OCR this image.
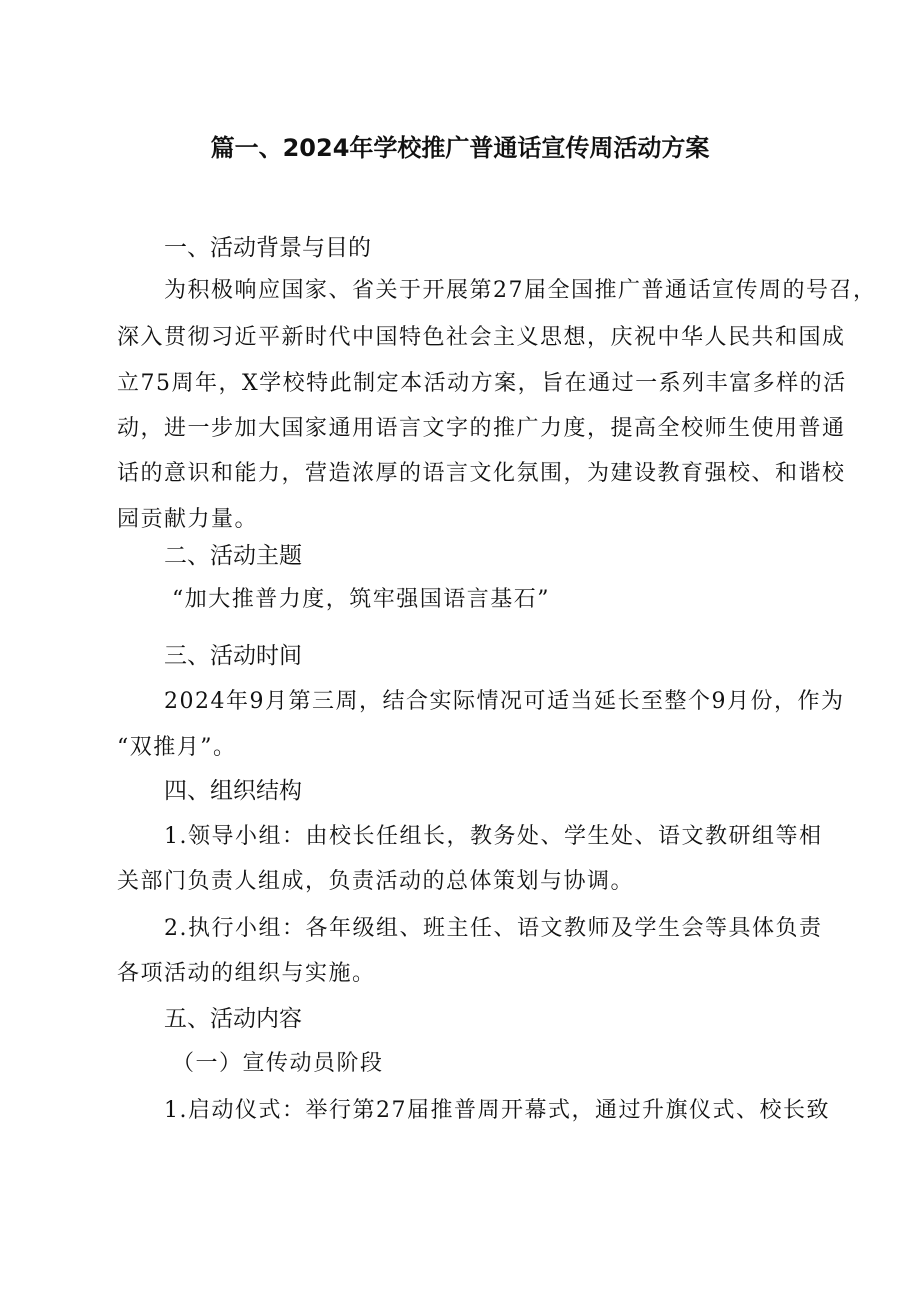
篇一、2024年学校推广普通话宣传周活动方案
一、活动背景与目的
为积极响应国家、省关于开展第27届全国推广普通话宣传周的号召，
深入贯彻习近平新时代中国特色社会主义思想，庆祝中华人民共和国成
立75周年，X学校特此制定本活动方案，旨在通过一系列丰富多样的活
动，进一步加大国家通用语言文字的推广力度，提高全校师生使用普通
话的意识和能力，营造浓厚的语言文化氛围，为建设教育强校、和谐校
园贡献力量。
二、活动主题
“加大推普力度，筑牢强国语言基石”
三、活动时间
2024年9月第三周，结合实际情况可适当延长至整个9月份，作为
“双推月”。
四、组织结构
1.领导小组：由校长任组长，教务处、学生处、语文教研组等相
关部门负责人组成，负责活动的总体策划与协调。
2.执行小组：各年级组、班主任、语文教师及学生会等具体负责
各项活动的组织与实施。
五、活动内容
（一）宣传动员阶段
1.启动仪式：举行第27届推普周开幕式，通过升旗仪式、校长致
